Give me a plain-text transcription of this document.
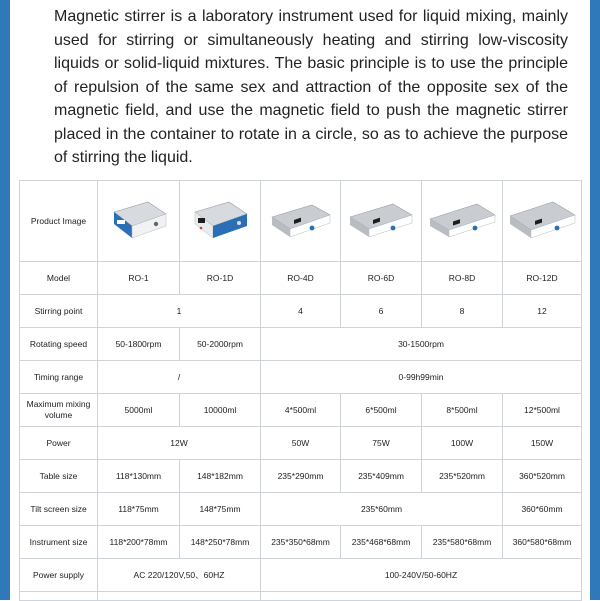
Magnetic stirrer is a laboratory instrument used for liquid mixing, mainly used for stirring or simultaneously heating and stirring low-viscosity liquids or solid-liquid mixtures. The basic principle is to use the principle of repulsion of the same sex and attraction of the opposite sex of the magnetic field, and use the magnetic field to push the magnetic stirrer placed in the container to rotate in a circle, so as to achieve the purpose of stirring the liquid.

Product Image	

Model	RO-1	RO-1D	RO-4D	RO-6D	RO-8D	RO-12D
Stirring point	1		4	6	8	12
Rotating speed	50-1800rpm	50-2000rpm	30-1500rpm			
Timing range	/		0-99h99min			
Maximum mixing volume	5000ml	10000ml	4*500ml	6*500ml	8*500ml	12*500ml
Power	12W		50W	75W	100W	150W
Table size	118*130mm	148*182mm	235*290mm	235*409mm	235*520mm	360*520mm
Tilt screen size	118*75mm	148*75mm	235*60mm			360*60mm
Instrument size	118*200*78mm	148*250*78mm	235*350*68mm	235*468*68mm	235*580*68mm	360*580*68mm
Power supply	AC 220/120V,50、60HZ		100-240V/50-60HZ			
